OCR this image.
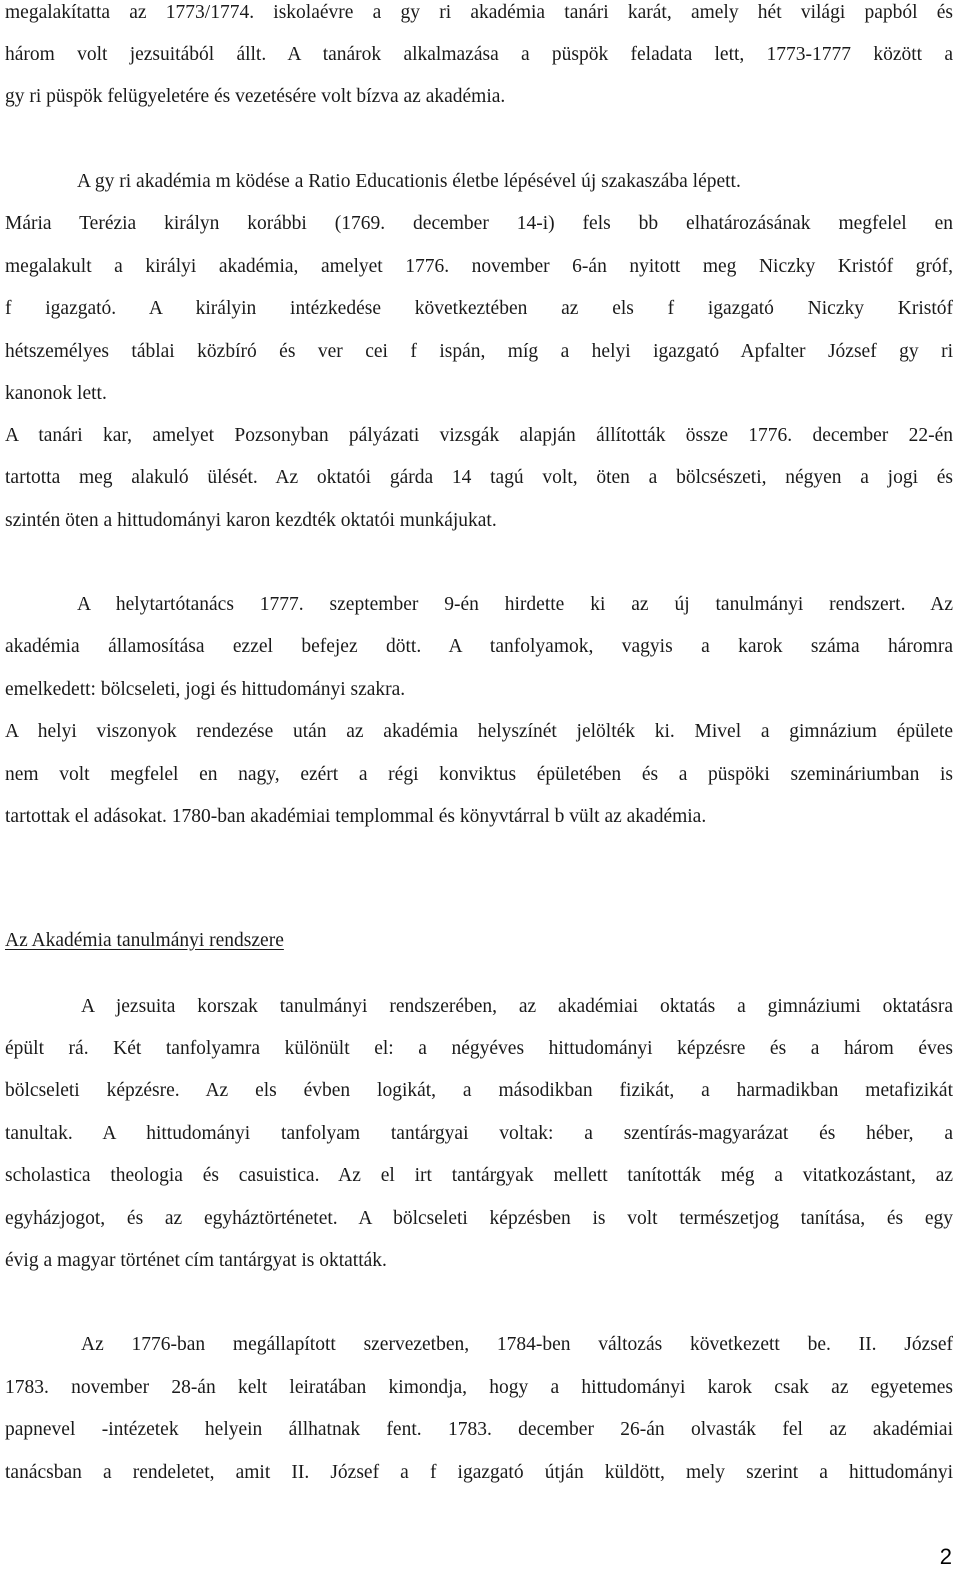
megalakítatta az 1773/1774. iskolaévre a gy ri akadémia tanári karát, amely hét világi papból és
három volt jezsuitából állt. A tanárok alkalmazása a püspök feladata lett, 1773-1777 között a
gy ri püspök felügyeletére és vezetésére volt bízva az akadémia.
A gy ri akadémia m ködése a Ratio Educationis életbe lépésével új szakaszába lépett.
Mária Terézia királyn korábbi (1769. december 14-i) fels bb elhatározásának megfelel en
megalakult a királyi akadémia, amelyet 1776. november 6-án nyitott meg Niczky Kristóf gróf,
f igazgató. A királyin intézkedése következtében az els f igazgató Niczky Kristóf
hétszemélyes táblai közbíró és ver cei f ispán, míg a helyi igazgató Apfalter József gy ri
kanonok lett.
A tanári kar, amelyet Pozsonyban pályázati vizsgák alapján állították össze 1776. december 22-én
tartotta meg alakuló ülését. Az oktatói gárda 14 tagú volt, öten a bölcsészeti, négyen a jogi és
szintén öten a hittudományi karon kezdték oktatói munkájukat.
A helytartótanács 1777. szeptember 9-én hirdette ki az új tanulmányi rendszert. Az
akadémia államosítása ezzel befejez dött. A tanfolyamok, vagyis a karok száma háromra
emelkedett: bölcseleti, jogi és hittudományi szakra.
A helyi viszonyok rendezése után az akadémia helyszínét jelölték ki. Mivel a gimnázium épülete
nem volt megfelel en nagy, ezért a régi konviktus épületében és a püspöki szemináriumban is
tartottak el adásokat. 1780-ban akadémiai templommal és könyvtárral b vült az akadémia.
Az Akadémia tanulmányi rendszere
A jezsuita korszak tanulmányi rendszerében, az akadémiai oktatás a gimnáziumi oktatásra
épült rá. Két tanfolyamra különült el: a négyéves hittudományi képzésre és a három éves
bölcseleti képzésre. Az els évben logikát, a másodikban fizikát, a harmadikban metafizikát
tanultak. A hittudományi tanfolyam tantárgyai voltak: a szentírás-magyarázat és héber, a
scholastica theologia és casuistica. Az el irt tantárgyak mellett tanították még a vitatkozástant, az
egyházjogot, és az egyháztörténetet. A bölcseleti képzésben is volt természetjog tanítása, és egy
évig a magyar történet cím tantárgyat is oktatták.
Az 1776-ban megállapított szervezetben, 1784-ben változás következett be. II. József
1783. november 28-án kelt leiratában kimondja, hogy a hittudományi karok csak az egyetemes
papnevel -intézetek helyein állhatnak fent. 1783. december 26-án olvasták fel az akadémiai
tanácsban a rendeletet, amit II. József a f igazgató útján küldött, mely szerint a hittudományi
2
